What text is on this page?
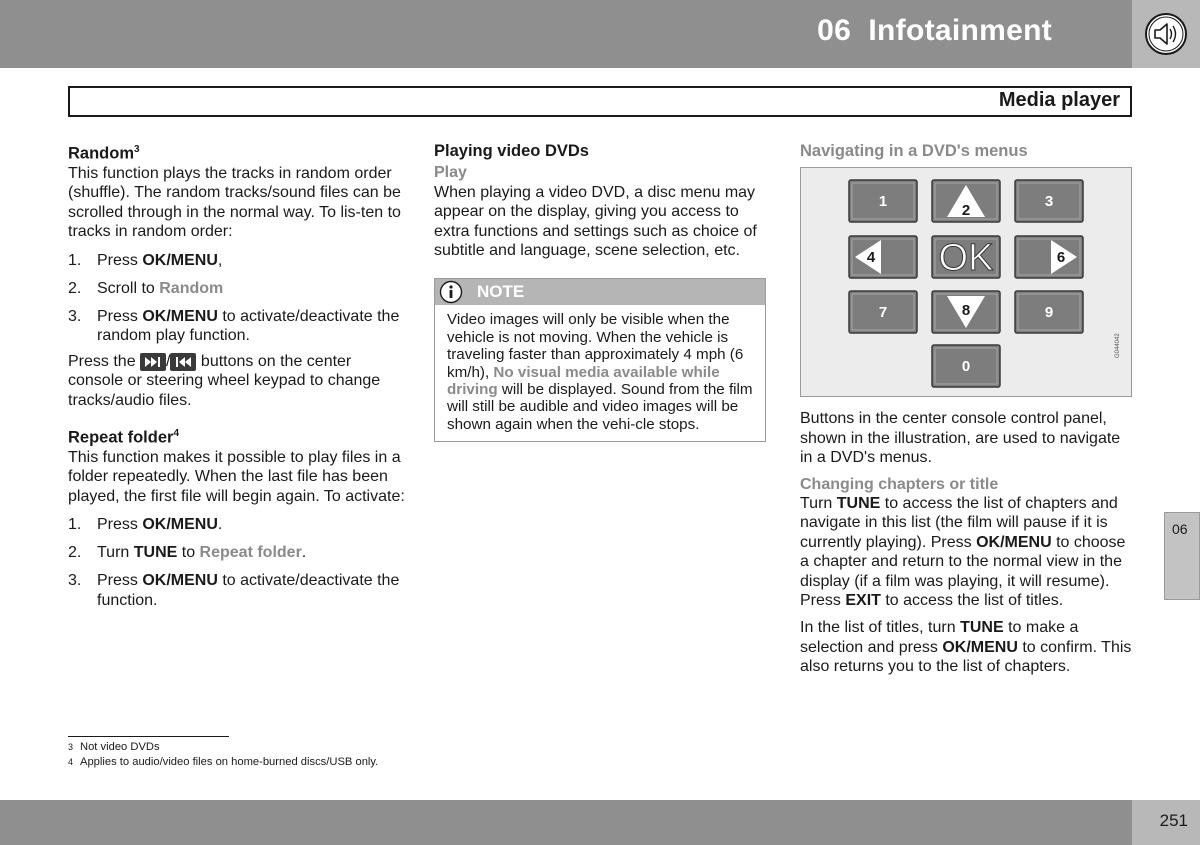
06 Infotainment
Media player
Random$^3$

This function plays the tracks in random order (shuffle). The random tracks/sound files can be scrolled through in the normal way. To lis-ten to tracks in random order:

1. Press OK/MENU,
2. Scroll to Random
3. Press OK/MENU to activate/deactivate the random play function.

Press the
/
buttons on the center console or steering wheel keypad to change tracks/audio files.

Repeat folder$^4$

This function makes it possible to play files in a folder repeatedly. When the last file has been played, the first file will begin again. To activate:

1. Press OK/MENU.
2. Turn TUNE to Repeat folder.
3. Press OK/MENU to activate/deactivate the function.
Playing video DVDs
Play

When playing a video DVD, a disc menu may appear on the display, giving you access to extra functions and settings such as choice of subtitle and language, scene selection, etc.

NOTE
Video images will only be visible when the vehicle is not moving. When the vehicle is traveling faster than approximately 4 mph (6 km/h), No visual media available while driving will be displayed. Sound from the film will still be audible and video images will be shown again when the vehi-cle stops.
Navigating in a DVD's menus
1
2
3
4 OK	6
7	8	9
0
G044042

Buttons in the center console control panel, shown in the illustration, are used to navigate in a DVD's menus.

Changing chapters or title

Turn TUNE to access the list of chapters and navigate in this list (the film will pause if it is currently playing). Press OK/MENU to choose a chapter and return to the normal view in the display (if a film was playing, it will resume). Press EXIT to access the list of titles.

In the list of titles, turn TUNE to make a selection and press OK/MENU to confirm. This also returns you to the list of chapters.

06
3 Not video DVDs
4 Applies to audio/video files on home-burned discs/USB only.
251
